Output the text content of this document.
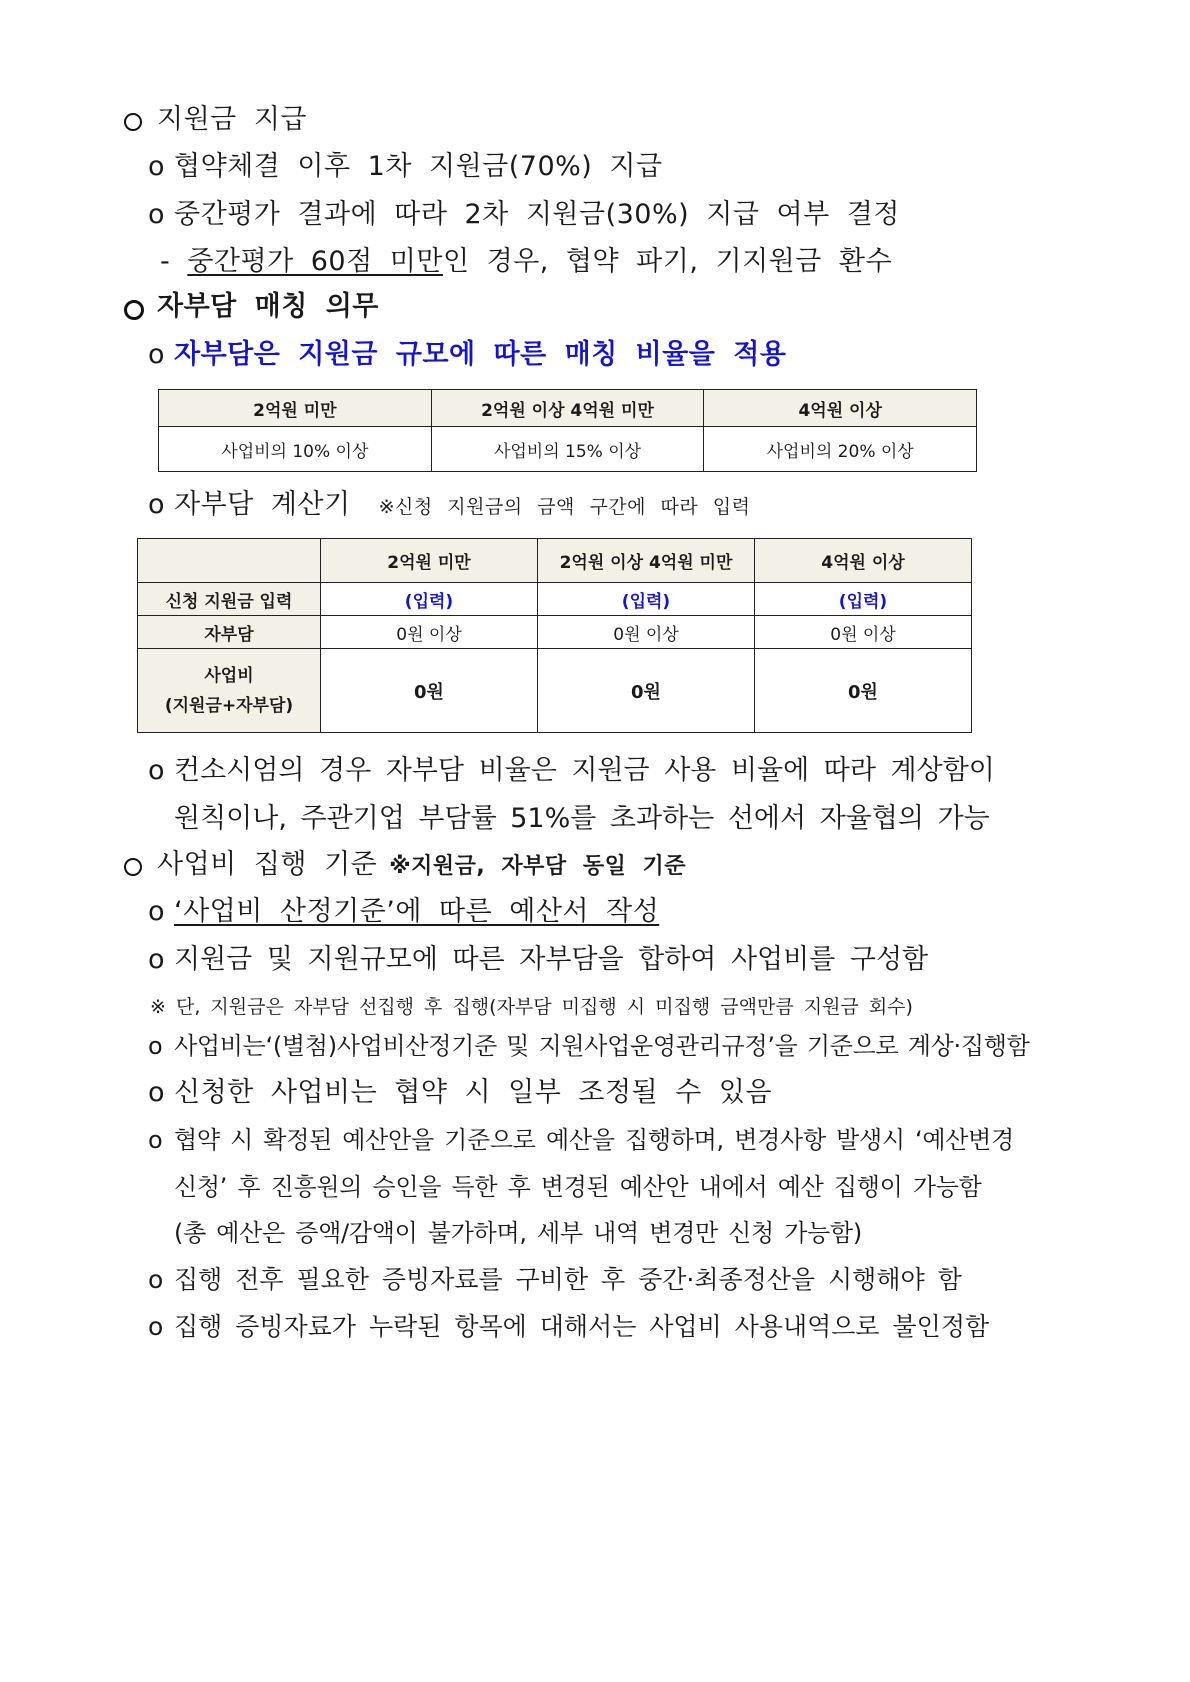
지원금 지급
o 협약체결 이후 1차 지원금(70%) 지급
o 중간평가 결과에 따라 2차 지원금(30%) 지급 여부 결정
- 중간평가 60점 미만인 경우, 협약 파기, 기지원금 환수
자부담 매칭 의무
o 자부담은 지원금 규모에 따른 매칭 비율을 적용
2억원 미만	2억원 이상 4억원 미만	4억원 이상
사업비의 10% 이상	사업비의 15% 이상	사업비의 20% 이상
o 자부담 계산기 ※신청 지원금의 금액 구간에 따라 입력
	2억원 미만	2억원 이상 4억원 미만	4억원 이상
신청 지원금 입력	(입력)	(입력)	(입력)
자부담	0원 이상	0원 이상	0원 이상

사업비
(지원금+자부담)	0원	0원	0원
o 컨소시엄의 경우 자부담 비율은 지원금 사용 비율에 따라 계상함이
원칙이나, 주관기업 부담률 51%를 초과하는 선에서 자율협의 가능
사업비 집행 기준 ※지원금, 자부담 동일 기준
o ‘사업비 산정기준’에 따른 예산서 작성
o 지원금 및 지원규모에 따른 자부담을 합하여 사업비를 구성함
※ 단, 지원금은 자부담 선집행 후 집행(자부담 미집행 시 미집행 금액만큼 지원금 회수)
o 사업비는‘(별첨)사업비산정기준 및 지원사업운영관리규정’을 기준으로 계상·집행함
o 신청한 사업비는 협약 시 일부 조정될 수 있음
o 협약 시 확정된 예산안을 기준으로 예산을 집행하며, 변경사항 발생시 ‘예산변경
신청’ 후 진흥원의 승인을 득한 후 변경된 예산안 내에서 예산 집행이 가능함
(총 예산은 증액/감액이 불가하며, 세부 내역 변경만 신청 가능함)
o 집행 전후 필요한 증빙자료를 구비한 후 중간·최종정산을 시행해야 함
o 집행 증빙자료가 누락된 항목에 대해서는 사업비 사용내역으로 불인정함
